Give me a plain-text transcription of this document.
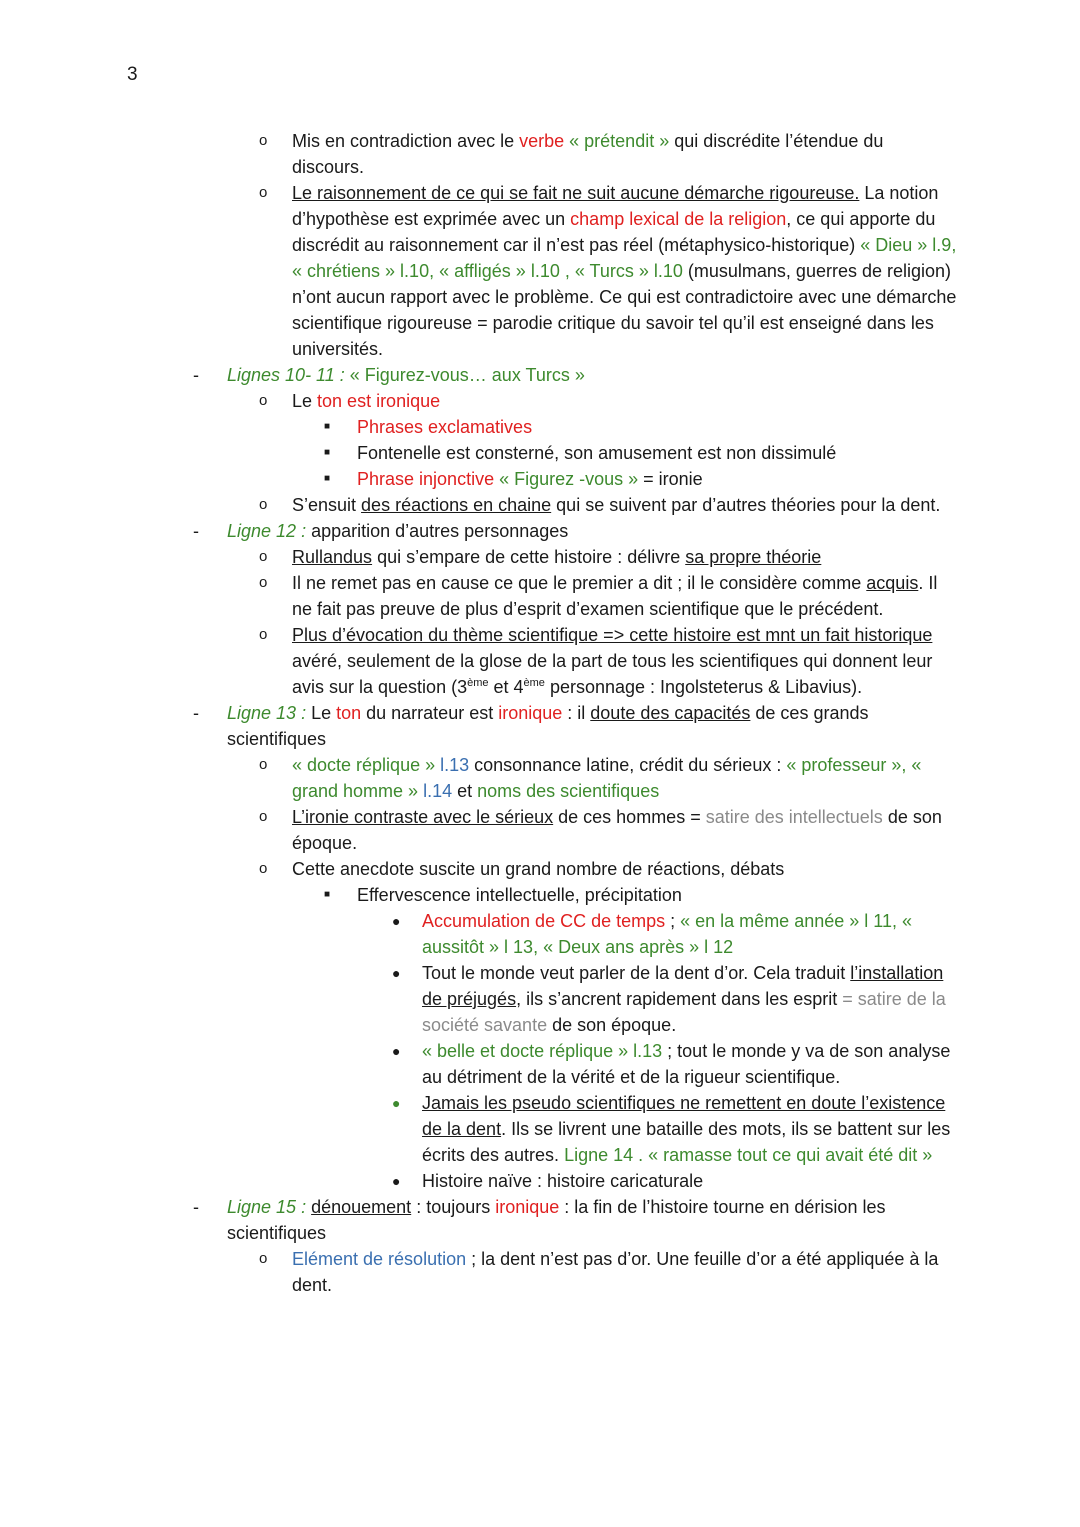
3
o Mis en contradiction avec le verbe « prétendit » qui discrédite l’étendue du discours.
o Le raisonnement de ce qui se fait ne suit aucune démarche rigoureuse. La notion d’hypothèse est exprimée avec un champ lexical de la religion, ce qui apporte du discrédit au raisonnement car il n’est pas réel (métaphysico-historique) « Dieu » l.9, « chrétiens » l.10, « affligés » l.10 , « Turcs » l.10 (musulmans, guerres de religion) n’ont aucun rapport avec le problème. Ce qui est contradictoire avec une démarche scientifique rigoureuse = parodie critique du savoir tel qu’il est enseigné dans les universités.
- Lignes 10- 11 : « Figurez-vous… aux Turcs »
o Le ton est ironique
■ Phrases exclamatives
■ Fontenelle est consterné, son amusement est non dissimulé
■ Phrase injonctive « Figurez -vous » = ironie
o S’ensuit des réactions en chaine qui se suivent par d’autres théories pour la dent.
- Ligne 12 : apparition d’autres personnages
o Rullandus qui s’empare de cette histoire : délivre sa propre théorie
o Il ne remet pas en cause ce que le premier a dit ; il le considère comme acquis. Il ne fait pas preuve de plus d’esprit d’examen scientifique que le précédent.
o Plus d’évocation du thème scientifique => cette histoire est mnt un fait historique avéré, seulement de la glose de la part de tous les scientifiques qui donnent leur avis sur la question (3ème et 4ème personnage : Ingolsteterus & Libavius).
- Ligne 13 : Le ton du narrateur est ironique : il doute des capacités de ces grands scientifiques
o « docte réplique » l.13 consonnance latine, crédit du sérieux : « professeur », « grand homme » l.14 et noms des scientifiques
o L’ironie contraste avec le sérieux de ces hommes = satire des intellectuels de son époque.
o Cette anecdote suscite un grand nombre de réactions, débats
■ Effervescence intellectuelle, précipitation
● Accumulation de CC de temps ; « en la même année » l 11, « aussitôt » l 13, « Deux ans après » l 12
● Tout le monde veut parler de la dent d’or. Cela traduit l’installation de préjugés, ils s’ancrent rapidement dans les esprit = satire de la société savante de son époque.
● « belle et docte réplique » l.13 ; tout le monde y va de son analyse au détriment de la vérité et de la rigueur scientifique.
● Jamais les pseudo scientifiques ne remettent en doute l’existence de la dent. Ils se livrent une bataille des mots, ils se battent sur les écrits des autres. Ligne 14 . « ramasse tout ce qui avait été dit »
● Histoire naïve : histoire caricaturale
- Ligne 15 : dénouement : toujours ironique : la fin de l’histoire tourne en dérision les scientifiques
o Elément de résolution ; la dent n’est pas d’or. Une feuille d’or a été appliquée à la dent.
